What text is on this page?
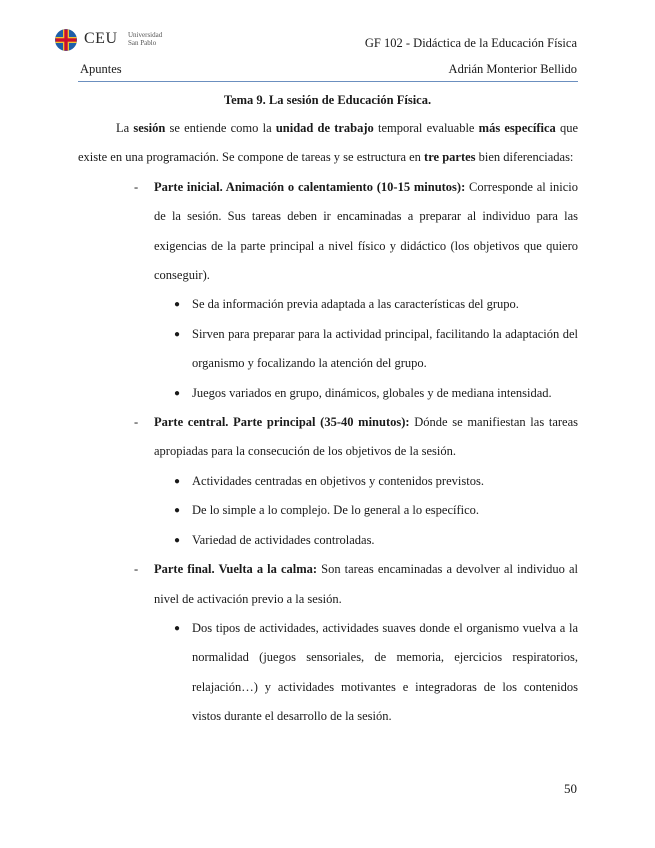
CEU Universidad San Pablo	GF 102 - Didáctica de la Educación Física
Apuntes	Adrián Monterior Bellido
Tema 9. La sesión de Educación Física.

La sesión se entiende como la unidad de trabajo temporal evaluable más específica que existe en una programación. Se compone de tareas y se estructura en tre partes bien diferenciadas:

- Parte inicial. Animación o calentamiento (10-15 minutos): Corresponde al inicio de la sesión. Sus tareas deben ir encaminadas a preparar al individuo para las exigencias de la parte principal a nivel físico y didáctico (los objetivos que quiero conseguir).

● Se da información previa adaptada a las características del grupo.
● Sirven para preparar para la actividad principal, facilitando la adaptación del organismo y focalizando la atención del grupo.
● Juegos variados en grupo, dinámicos, globales y de mediana intensidad.

- Parte central. Parte principal (35-40 minutos): Dónde se manifiestan las tareas apropiadas para la consecución de los objetivos de la sesión.

● Actividades centradas en objetivos y contenidos previstos.
● De lo simple a lo complejo. De lo general a lo específico.
● Variedad de actividades controladas.

- Parte final. Vuelta a la calma: Son tareas encaminadas a devolver al individuo al nivel de activación previo a la sesión.

● Dos tipos de actividades, actividades suaves donde el organismo vuelva a la normalidad (juegos sensoriales, de memoria, ejercicios respiratorios, relajación…) y actividades motivantes e integradoras de los contenidos vistos durante el desarrollo de la sesión.
50
